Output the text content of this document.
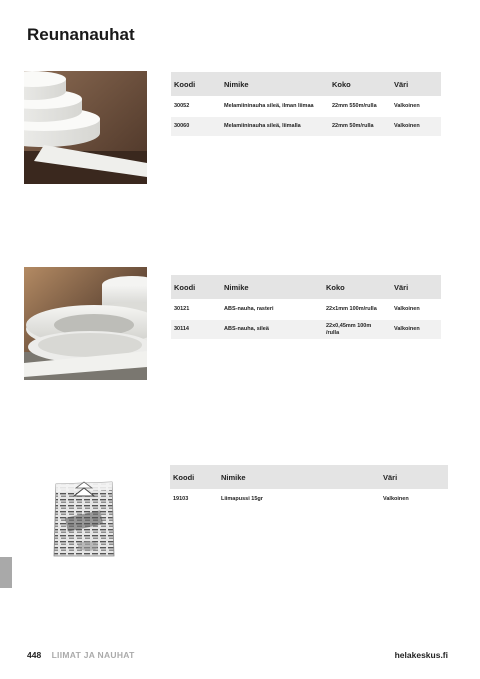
Reunanauhat
Koodi	Nimike	Koko	Väri
30052	Melamiininauha sileä, ilman liimaa	22mm 550m/rulla	Valkoinen
30060	Melamiininauha sileä, liimalla	22mm 50m/rulla	Valkoinen
Koodi	Nimike	Koko	Väri
30121	ABS-nauha, rasteri	22x1mm 100m/rulla	Valkoinen
30114	ABS-nauha, sileä	22x0,45mm 100m /rulla	Valkoinen
Koodi	Nimike	Väri
19103	Liimapussi 15gr	Valkoinen
448 LIIMAT JA NAUHAT	helakeskus.fi
